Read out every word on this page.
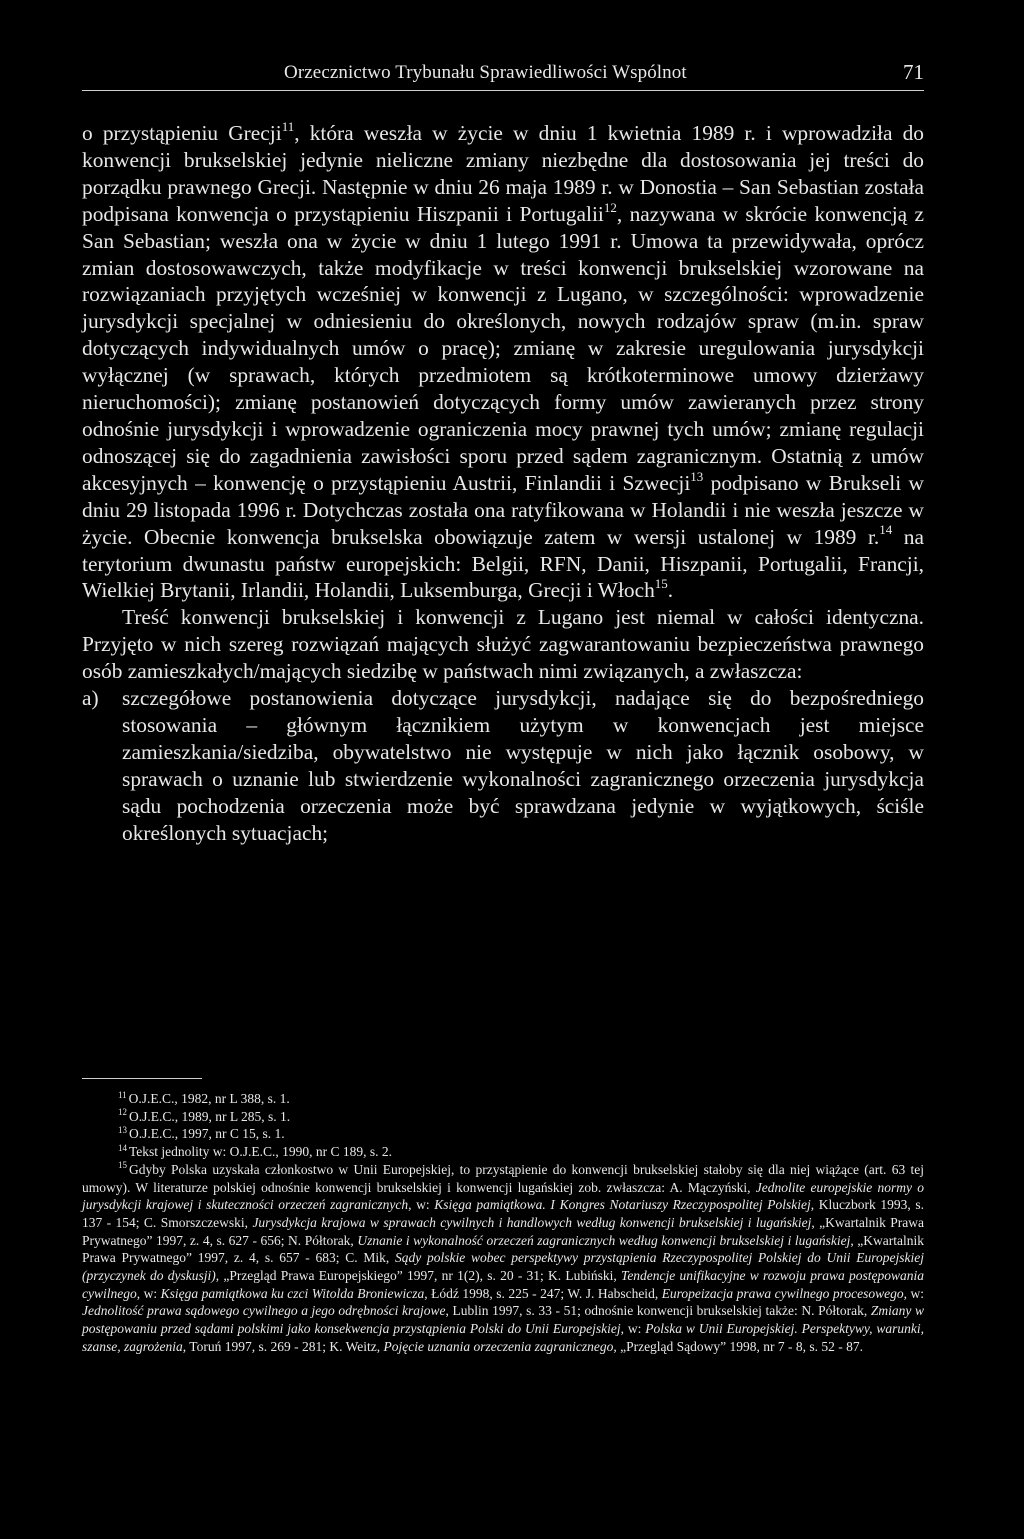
Orzecznictwo Trybunału Sprawiedliwości Wspólnot	71

o przystąpieniu Grecji$^{11}$, która weszła w życie w dniu 1 kwietnia 1989 r. i wprowadziła do konwencji brukselskiej jedynie nieliczne zmiany niezbędne dla dostosowania jej treści do porządku prawnego Grecji. Następnie w dniu 26 maja 1989 r. w Donostia – San Sebastian została podpisana konwencja o przystąpieniu Hiszpanii i Portugalii$^{12}$, nazywana w skrócie konwencją z San Sebastian; weszła ona w życie w dniu 1 lutego 1991 r. Umowa ta przewidywała, oprócz zmian dostosowawczych, także modyfikacje w treści konwencji brukselskiej wzorowane na rozwiązaniach przyjętych wcześniej w konwencji z Lugano, w szczególności: wprowadzenie jurysdykcji specjalnej w odniesieniu do określonych, nowych rodzajów spraw (m.in. spraw dotyczących indywidualnych umów o pracę); zmianę w zakresie uregulowania jurysdykcji wyłącznej (w sprawach, których przedmiotem są krótkoterminowe umowy dzierżawy nieruchomości); zmianę postanowień dotyczących formy umów zawieranych przez strony odnośnie jurysdykcji i wprowadzenie ograniczenia mocy prawnej tych umów; zmianę regulacji odnoszącej się do zagadnienia zawisłości sporu przed sądem zagranicznym. Ostatnią z umów akcesyjnych – konwencję o przystąpieniu Austrii, Finlandii i Szwecji$^{13}$ podpisano w Brukseli w dniu 29 listopada 1996 r. Dotychczas została ona ratyfikowana w Holandii i nie weszła jeszcze w życie. Obecnie konwencja brukselska obowiązuje zatem w wersji ustalonej w 1989 r.$^{14}$ na terytorium dwunastu państw europejskich: Belgii, RFN, Danii, Hiszpanii, Portugalii, Francji, Wielkiej Brytanii, Irlandii, Holandii, Luksemburga, Grecji i Włoch$^{15}$.

Treść konwencji brukselskiej i konwencji z Lugano jest niemal w całości identyczna. Przyjęto w nich szereg rozwiązań mających służyć zagwarantowaniu bezpieczeństwa prawnego osób zamieszkałych/mających siedzibę w państwach nimi związanych, a zwłaszcza:

a)	szczegółowe postanowienia dotyczące jurysdykcji, nadające się do bezpośredniego stosowania – głównym łącznikiem użytym w konwencjach jest miejsce zamieszkania/siedziba, obywatelstwo nie występuje w nich jako łącznik osobowy, w sprawach o uznanie lub stwierdzenie wykonalności zagranicznego orzeczenia jurysdykcja sądu pochodzenia orzeczenia może być sprawdzana jedynie w wyjątkowych, ściśle określonych sytuacjach;

$^{11}$ O.J.E.C., 1982, nr L 388, s. 1.

$^{12}$ O.J.E.C., 1989, nr L 285, s. 1.

$^{13}$ O.J.E.C., 1997, nr C 15, s. 1.

$^{14}$ Tekst jednolity w: O.J.E.C., 1990, nr C 189, s. 2.

$^{15}$ Gdyby Polska uzyskała członkostwo w Unii Europejskiej, to przystąpienie do konwencji brukselskiej stałoby się dla niej wiążące (art. 63 tej umowy). W literaturze polskiej odnośnie konwencji brukselskiej i konwencji lugańskiej zob. zwłaszcza: A. Mączyński, Jednolite europejskie normy o jurysdykcji krajowej i skuteczności orzeczeń zagranicznych, w: Księga pamiątkowa. I Kongres Notariuszy Rzeczypospolitej Polskiej, Kluczbork 1993, s. 137 - 154; C. Smorszczewski, Jurysdykcja krajowa w sprawach cywilnych i handlowych według konwencji brukselskiej i lugańskiej, „Kwartalnik Prawa Prywatnego” 1997, z. 4, s. 627 - 656; N. Półtorak, Uznanie i wykonalność orzeczeń zagranicznych według konwencji brukselskiej i lugańskiej, „Kwartalnik Prawa Prywatnego” 1997, z. 4, s. 657 - 683; C. Mik, Sądy polskie wobec perspektywy przystąpienia Rzeczypospolitej Polskiej do Unii Europejskiej (przyczynek do dyskusji), „Przegląd Prawa Europejskiego” 1997, nr 1(2), s. 20 - 31; K. Lubiński, Tendencje unifikacyjne w rozwoju prawa postępowania cywilnego, w: Księga pamiątkowa ku czci Witolda Broniewicza, Łódź 1998, s. 225 - 247; W. J. Habscheid, Europeizacja prawa cywilnego procesowego, w: Jednolitość prawa sądowego cywilnego a jego odrębności krajowe, Lublin 1997, s. 33 - 51; odnośnie konwencji brukselskiej także: N. Półtorak, Zmiany w postępowaniu przed sądami polskimi jako konsekwencja przystąpienia Polski do Unii Europejskiej, w: Polska w Unii Europejskiej. Perspektywy, warunki, szanse, zagrożenia, Toruń 1997, s. 269 - 281; K. Weitz, Pojęcie uznania orzeczenia zagranicznego, „Przegląd Sądowy” 1998, nr 7 - 8, s. 52 - 87.
